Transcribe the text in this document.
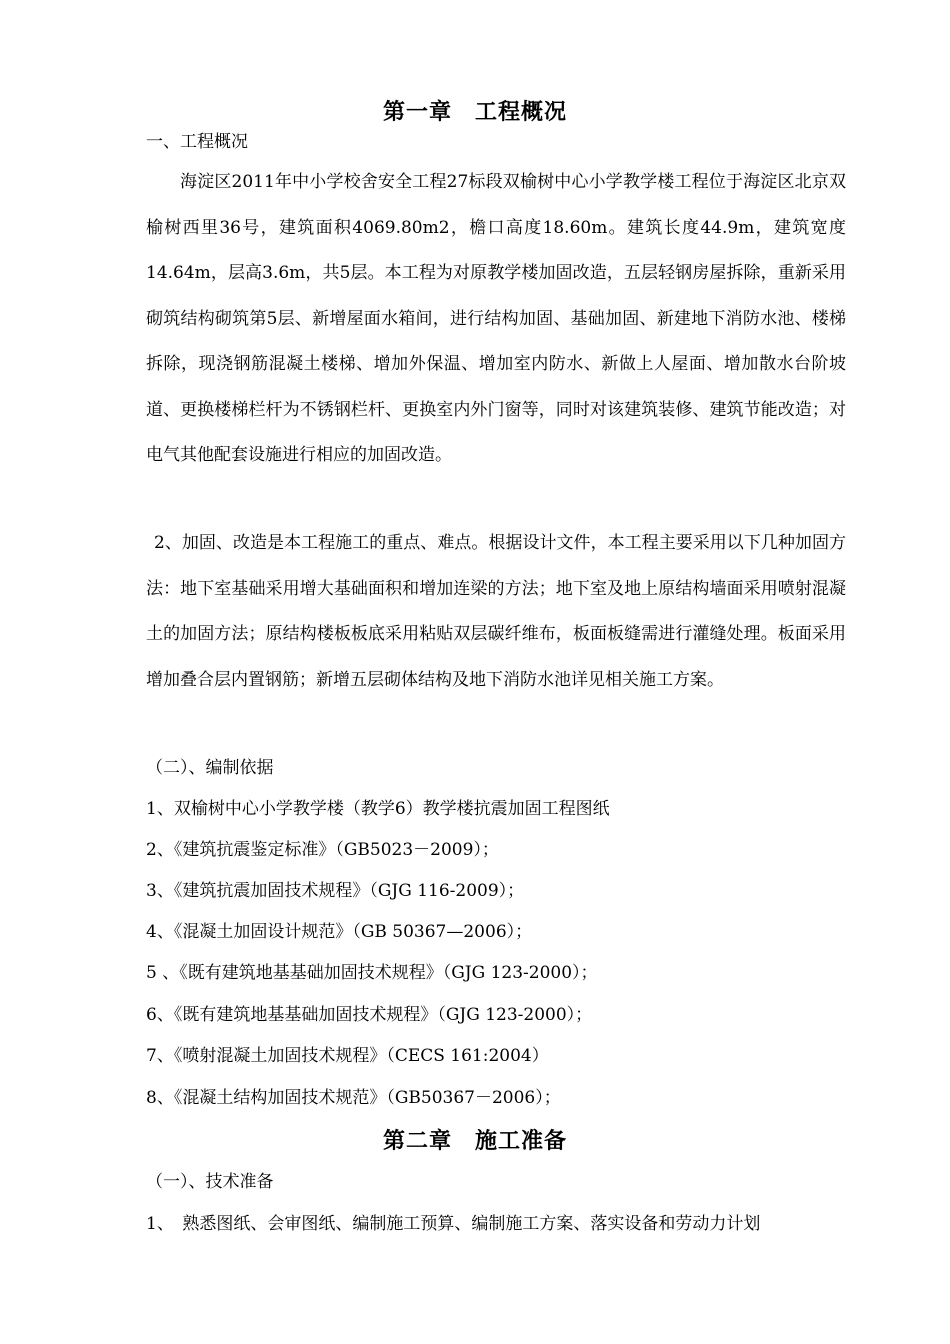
第一章　工程概况

一、工程概况

海淀区2011年中小学校舍安全工程27标段双榆树中心小学教学楼工程位于海淀区北京双榆树西里36号，建筑面积4069.80m2，檐口高度18.60m。建筑长度44.9m，建筑宽度14.64m，层高3.6m，共5层。本工程为对原教学楼加固改造，五层轻钢房屋拆除，重新采用砌筑结构砌筑第5层、新增屋面水箱间，进行结构加固、基础加固、新建地下消防水池、楼梯拆除，现浇钢筋混凝土楼梯、增加外保温、增加室内防水、新做上人屋面、增加散水台阶坡道、更换楼梯栏杆为不锈钢栏杆、更换室内外门窗等，同时对该建筑装修、建筑节能改造；对电气其他配套设施进行相应的加固改造。

2、加固、改造是本工程施工的重点、难点。根据设计文件，本工程主要采用以下几种加固方法：地下室基础采用增大基础面积和增加连梁的方法；地下室及地上原结构墙面采用喷射混凝土的加固方法；原结构楼板板底采用粘贴双层碳纤维布，板面板缝需进行灌缝处理。板面采用增加叠合层内置钢筋；新增五层砌体结构及地下消防水池详见相关施工方案。

（二）、编制依据

1、双榆树中心小学教学楼（教学6）教学楼抗震加固工程图纸

2、《建筑抗震鉴定标准》（GB5023－2009）；

3、《建筑抗震加固技术规程》（GJG 116-2009）；

4、《混凝土加固设计规范》（GB 50367—2006）；

5 、《既有建筑地基基础加固技术规程》（GJG 123-2000）；

6、《既有建筑地基基础加固技术规程》（GJG 123-2000）；

7、《喷射混凝土加固技术规程》（CECS 161:2004）

8、《混凝土结构加固技术规范》（GB50367－2006）；

第二章　施工准备

（一）、技术准备

1、　熟悉图纸、会审图纸、编制施工预算、编制施工方案、落实设备和劳动力计划
